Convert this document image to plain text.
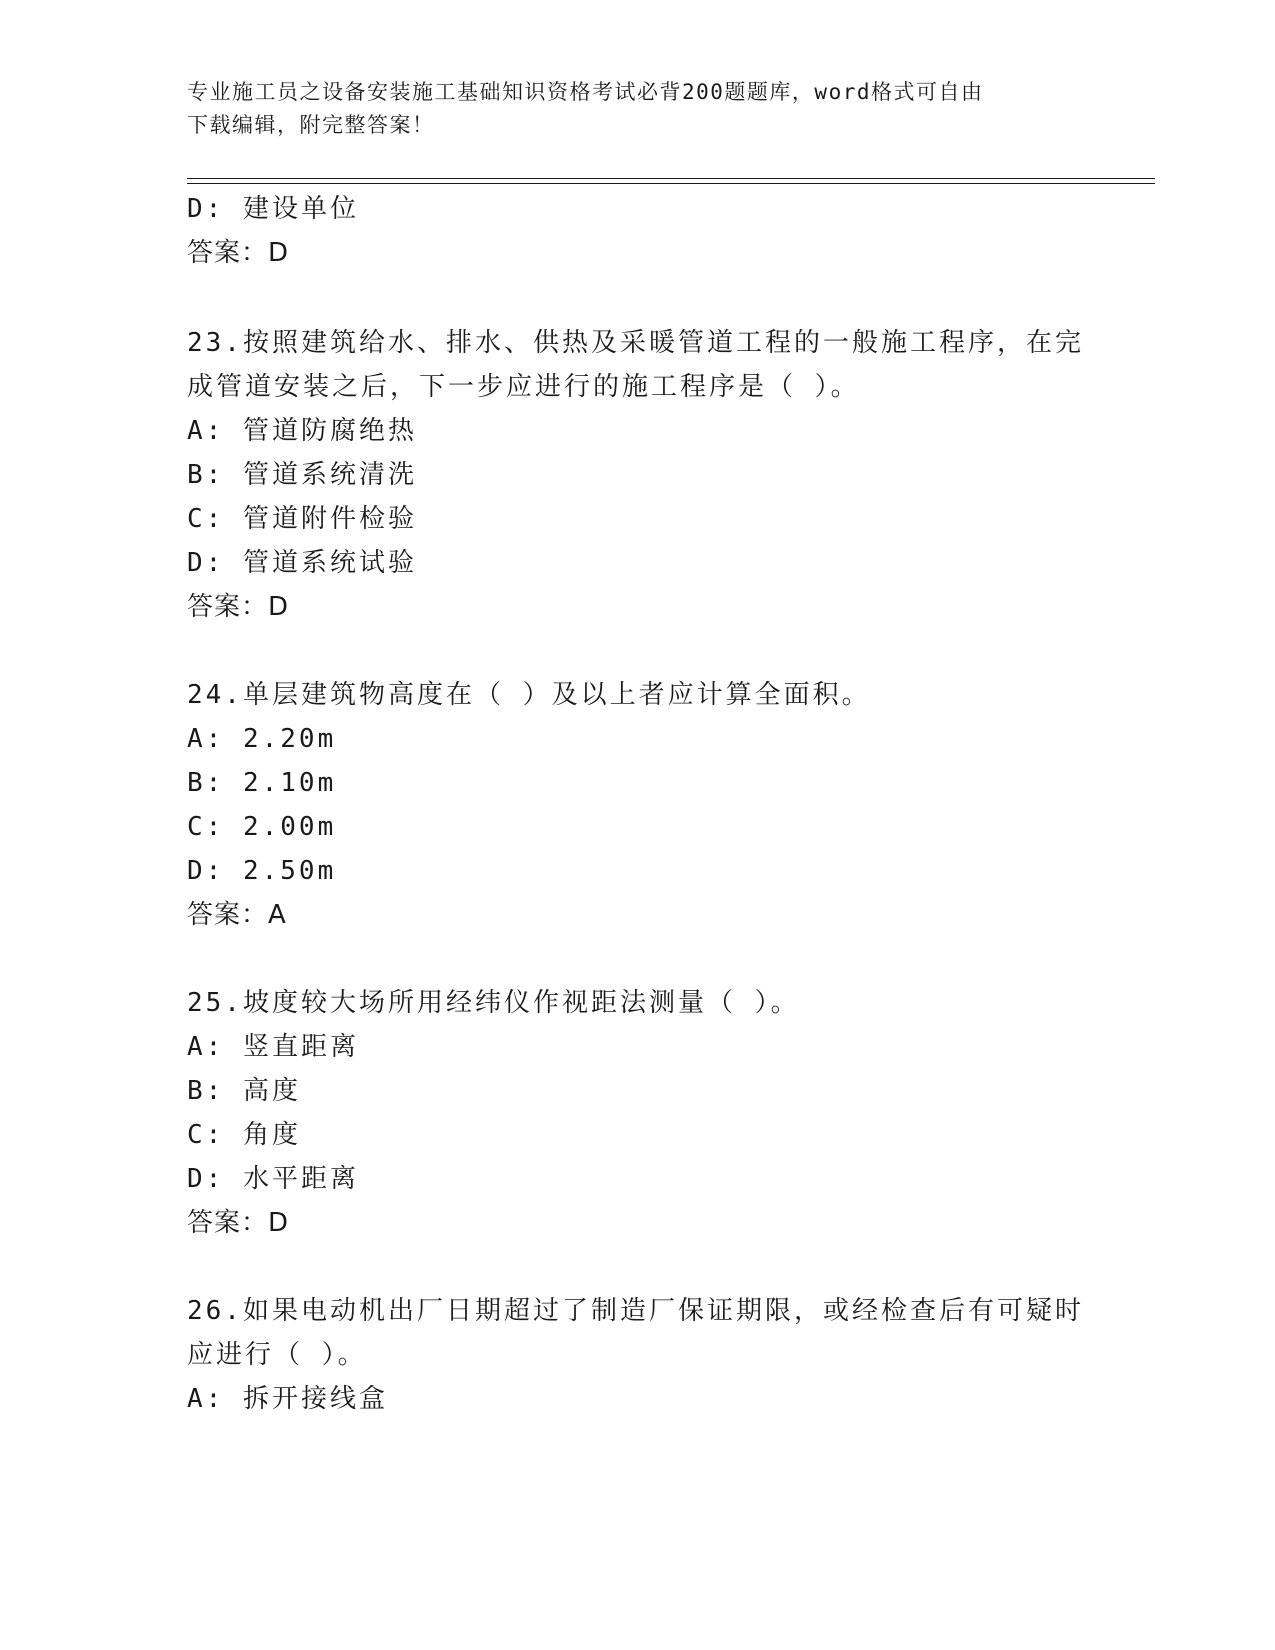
专业施工员之设备安装施工基础知识资格考试必背200题题库，word格式可自由
下载编辑，附完整答案！
D: 建设单位
答案：D
23.按照建筑给水、排水、供热及采暖管道工程的一般施工程序，在完
成管道安装之后，下一步应进行的施工程序是（ ）。
A: 管道防腐绝热
B: 管道系统清洗
C: 管道附件检验
D: 管道系统试验
答案：D
24.单层建筑物高度在（ ）及以上者应计算全面积。
A: 2.20m
B: 2.10m
C: 2.00m
D: 2.50m
答案：A
25.坡度较大场所用经纬仪作视距法测量（ ）。
A: 竖直距离
B: 高度
C: 角度
D: 水平距离
答案：D
26.如果电动机出厂日期超过了制造厂保证期限，或经检查后有可疑时
应进行（ ）。
A: 拆开接线盒
